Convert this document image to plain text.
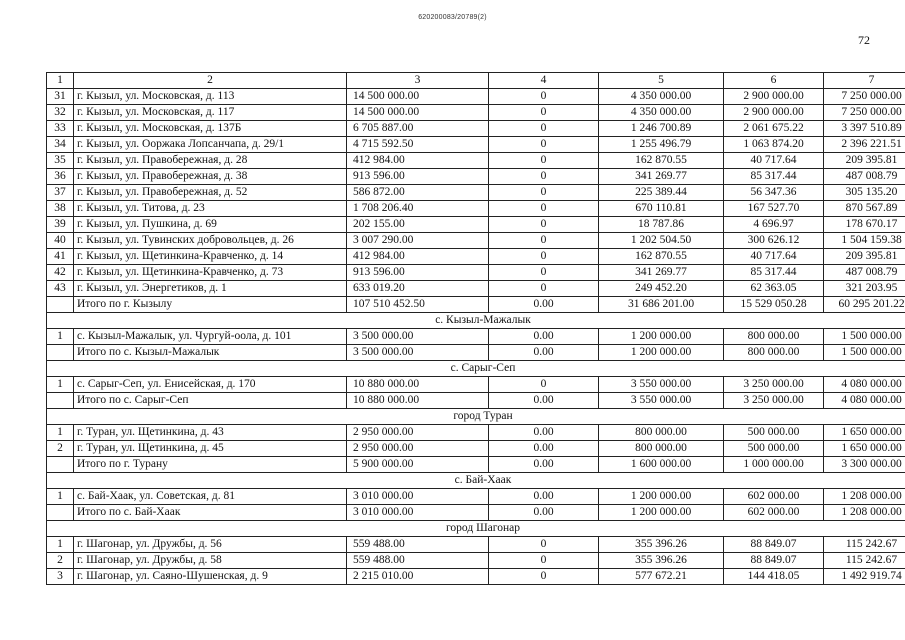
620200083/20789(2)
72
1	2	3	4	5	6	7
31	г. Кызыл, ул. Московская, д. 113	14 500 000.00	0	4 350 000.00	2 900 000.00	7 250 000.00
32	г. Кызыл, ул. Московская, д. 117	14 500 000.00	0	4 350 000.00	2 900 000.00	7 250 000.00
33	г. Кызыл, ул. Московская, д. 137Б	6 705 887.00	0	1 246 700.89	2 061 675.22	3 397 510.89
34	г. Кызыл, ул. Ооржака Лопсанчапа, д. 29/1	4 715 592.50	0	1 255 496.79	1 063 874.20	2 396 221.51
35	г. Кызыл, ул. Правобережная, д. 28	412 984.00	0	162 870.55	40 717.64	209 395.81
36	г. Кызыл, ул. Правобережная, д. 38	913 596.00	0	341 269.77	85 317.44	487 008.79
37	г. Кызыл, ул. Правобережная, д. 52	586 872.00	0	225 389.44	56 347.36	305 135.20
38	г. Кызыл, ул. Титова, д. 23	1 708 206.40	0	670 110.81	167 527.70	870 567.89
39	г. Кызыл, ул. Пушкина, д. 69	202 155.00	0	18 787.86	4 696.97	178 670.17
40	г. Кызыл, ул. Тувинских добровольцев, д. 26	3 007 290.00	0	1 202 504.50	300 626.12	1 504 159.38
41	г. Кызыл, ул. Щетинкина-Кравченко, д. 14	412 984.00	0	162 870.55	40 717.64	209 395.81
42	г. Кызыл, ул. Щетинкина-Кравченко, д. 73	913 596.00	0	341 269.77	85 317.44	487 008.79
43	г. Кызыл, ул. Энергетиков, д. 1	633 019.20	0	249 452.20	62 363.05	321 203.95
	Итого по г. Кызылу	107 510 452.50	0.00	31 686 201.00	15 529 050.28	60 295 201.22
с. Кызыл-Мажалык						
1	с. Кызыл-Мажалык, ул. Чургуй-оола, д. 101	3 500 000.00	0.00	1 200 000.00	800 000.00	1 500 000.00
	Итого по с. Кызыл-Мажалык	3 500 000.00	0.00	1 200 000.00	800 000.00	1 500 000.00
с. Сарыг-Сеп						
1	с. Сарыг-Сеп, ул. Енисейская, д. 170	10 880 000.00	0	3 550 000.00	3 250 000.00	4 080 000.00
	Итого по с. Сарыг-Сеп	10 880 000.00	0.00	3 550 000.00	3 250 000.00	4 080 000.00
город Туран						
1	г. Туран, ул. Щетинкина, д. 43	2 950 000.00	0.00	800 000.00	500 000.00	1 650 000.00
2	г. Туран, ул. Щетинкина, д. 45	2 950 000.00	0.00	800 000.00	500 000.00	1 650 000.00
	Итого по г. Турану	5 900 000.00	0.00	1 600 000.00	1 000 000.00	3 300 000.00
с. Бай-Хаак						
1	с. Бай-Хаак, ул. Советская, д. 81	3 010 000.00	0.00	1 200 000.00	602 000.00	1 208 000.00
	Итого по с. Бай-Хаак	3 010 000.00	0.00	1 200 000.00	602 000.00	1 208 000.00
город Шагонар						
1	г. Шагонар, ул. Дружбы, д. 56	559 488.00	0	355 396.26	88 849.07	115 242.67
2	г. Шагонар, ул. Дружбы, д. 58	559 488.00	0	355 396.26	88 849.07	115 242.67
3	г. Шагонар, ул. Саяно-Шушенская, д. 9	2 215 010.00	0	577 672.21	144 418.05	1 492 919.74
